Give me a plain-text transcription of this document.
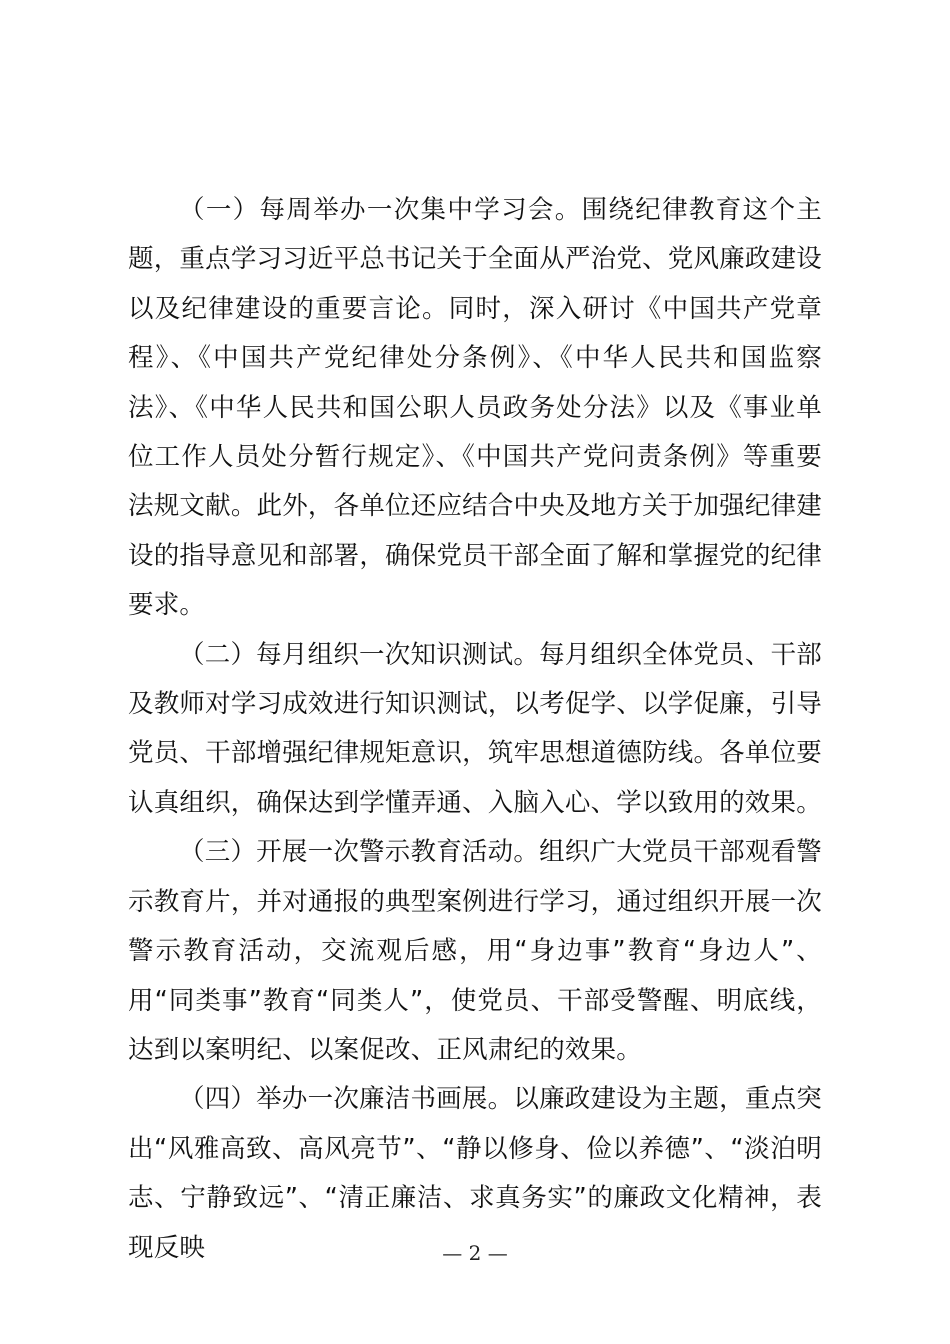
（一）每周举办一次集中学习会。围绕纪律教育这个主题，重点学习习近平总书记关于全面从严治党、党风廉政建设以及纪律建设的重要言论。同时，深入研讨《中国共产党章程》、《中国共产党纪律处分条例》、《中华人民共和国监察法》、《中华人民共和国公职人员政务处分法》以及《事业单位工作人员处分暂行规定》、《中国共产党问责条例》等重要法规文献。此外，各单位还应结合中央及地方关于加强纪律建设的指导意见和部署，确保党员干部全面了解和掌握党的纪律要求。

（二）每月组织一次知识测试。每月组织全体党员、干部及教师对学习成效进行知识测试，以考促学、以学促廉，引导党员、干部增强纪律规矩意识，筑牢思想道德防线。各单位要认真组织，确保达到学懂弄通、入脑入心、学以致用的效果。

（三）开展一次警示教育活动。组织广大党员干部观看警示教育片，并对通报的典型案例进行学习，通过组织开展一次警示教育活动，交流观后感，用“身边事”教育“身边人”、用“同类事”教育“同类人”，使党员、干部受警醒、明底线，达到以案明纪、以案促改、正风肃纪的效果。

（四）举办一次廉洁书画展。以廉政建设为主题，重点突出“风雅高致、高风亮节”、“静以修身、俭以养德”、“淡泊明志、宁静致远”、“清正廉洁、求真务实”的廉政文化精神，表现反映	— 2 —
